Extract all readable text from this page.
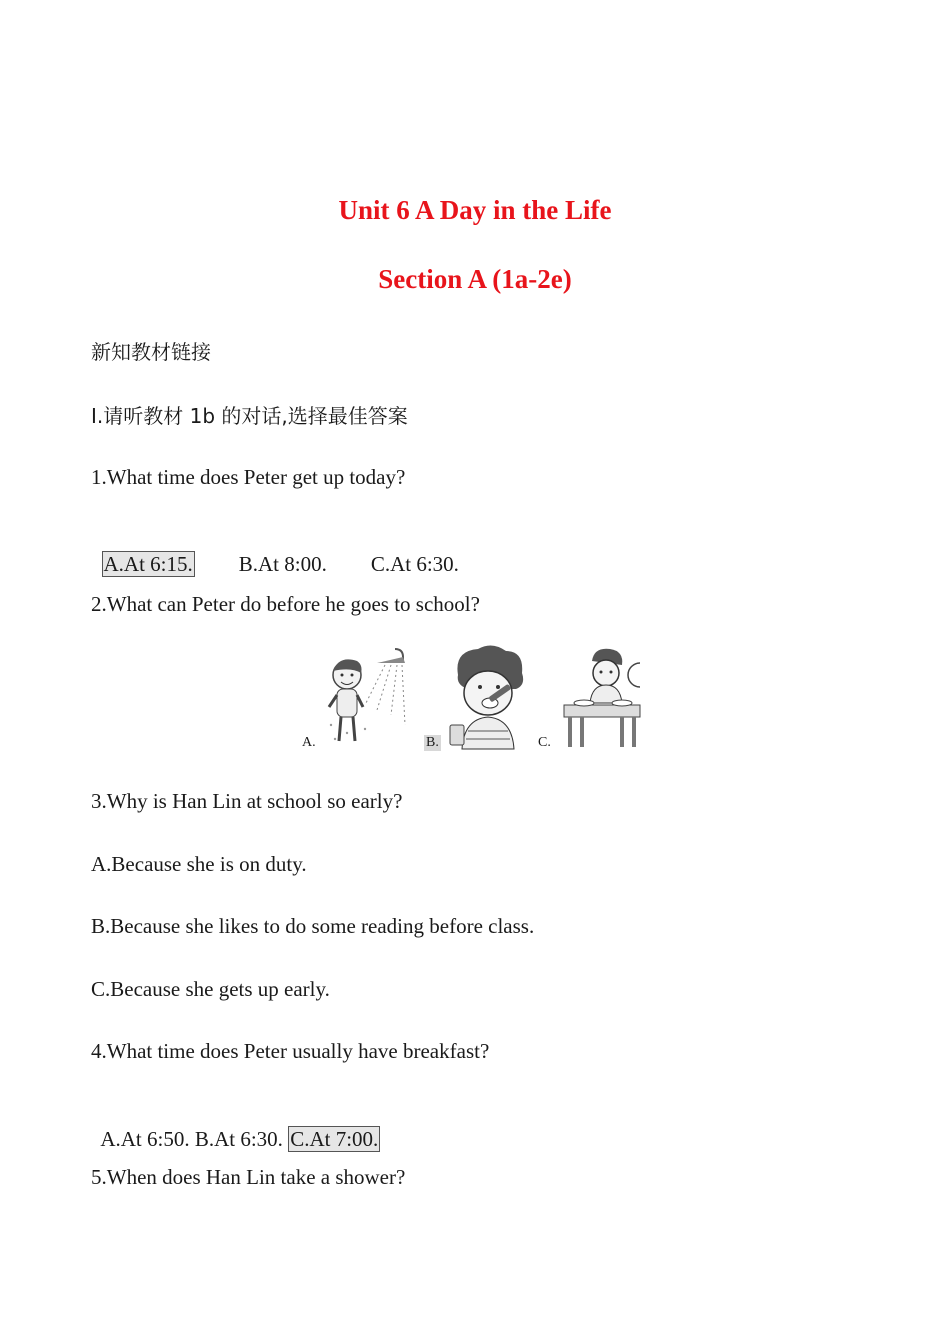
Unit 6 A Day in the Life
Section A (1a-2e)
新知教材链接
Ⅰ.请听教材 1b 的对话,选择最佳答案
1.What time does Peter get up today?

A.At 6:15. B.At 8:00. C.At 6:30.

2.What can Peter do before he goes to school?
A.	B.	C.
3.Why is Han Lin at school so early?
A.Because she is on duty.
B.Because she likes to do some reading before class.
C.Because she gets up early.
4.What time does Peter usually have breakfast?

A.At 6:50. B.At 6:30. C.At 7:00.

5.When does Han Lin take a shower?
